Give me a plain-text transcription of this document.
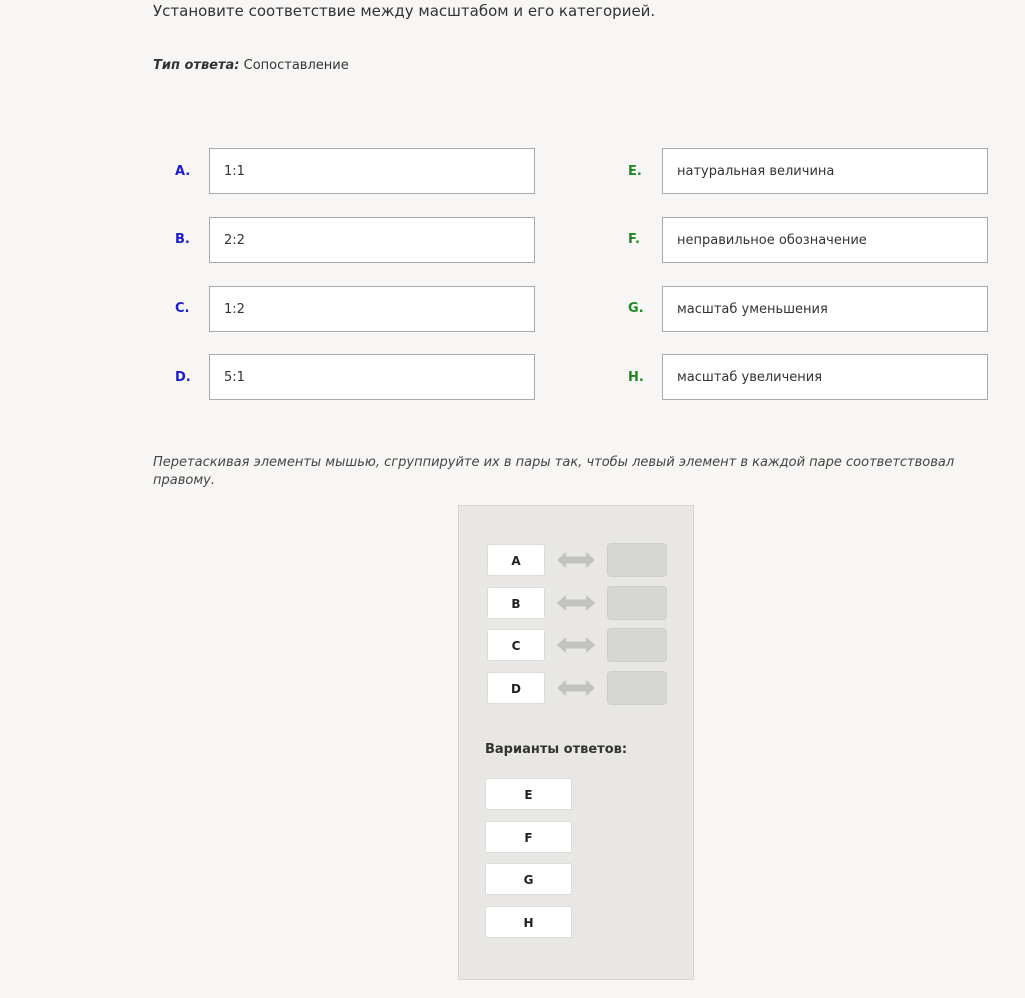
Установите соответствие между масштабом и его категорией.
Тип ответа: Сопоставление
A.	1:1
B.	2:2
C.	1:2
D.	5:1
E.	натуральная величина
F.	неправильное обозначение
G.	масштаб уменьшения
H.	масштаб увеличения
Перетаскивая элементы мышью, сгруппируйте их в пары так, чтобы левый элемент в каждой паре соответствовал правому.
A
B
C
D
Варианты ответов:
E
F
G
H
